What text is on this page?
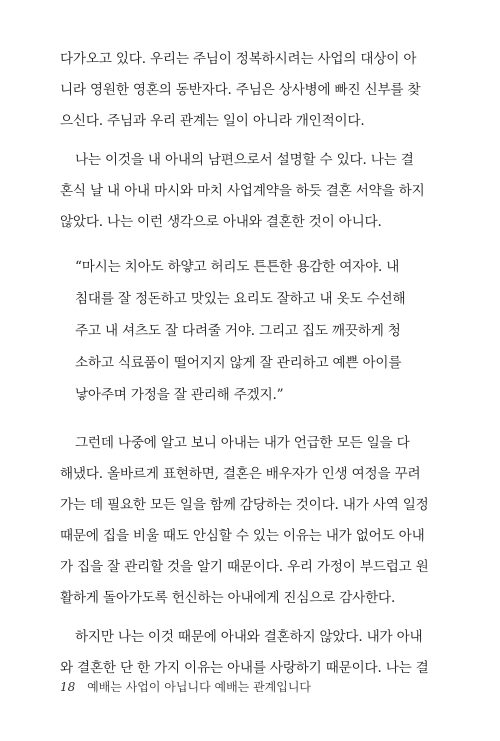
다가오고 있다. 우리는 주님이 정복하시려는 사업의 대상이 아
니라 영원한 영혼의 동반자다. 주님은 상사병에 빠진 신부를 찾
으신다. 주님과 우리 관계는 일이 아니라 개인적이다.

나는 이것을 내 아내의 남편으로서 설명할 수 있다. 나는 결
혼식 날 내 아내 마시와 마치 사업계약을 하듯 결혼 서약을 하지
않았다. 나는 이런 생각으로 아내와 결혼한 것이 아니다.

“마시는 치아도 하얗고 허리도 튼튼한 용감한 여자야. 내
침대를 잘 정돈하고 맛있는 요리도 잘하고 내 옷도 수선해
주고 내 셔츠도 잘 다려줄 거야. 그리고 집도 깨끗하게 청
소하고 식료품이 떨어지지 않게 잘 관리하고 예쁜 아이를
낳아주며 가정을 잘 관리해 주겠지.”

그런데 나중에 알고 보니 아내는 내가 언급한 모든 일을 다
해냈다. 올바르게 표현하면, 결혼은 배우자가 인생 여정을 꾸려
가는 데 필요한 모든 일을 함께 감당하는 것이다. 내가 사역 일정
때문에 집을 비울 때도 안심할 수 있는 이유는 내가 없어도 아내
가 집을 잘 관리할 것을 알기 때문이다. 우리 가정이 부드럽고 원
활하게 돌아가도록 헌신하는 아내에게 진심으로 감사한다.

하지만 나는 이것 때문에 아내와 결혼하지 않았다. 내가 아내
와 결혼한 단 한 가지 이유는 아내를 사랑하기 때문이다. 나는 결

18 예배는 사업이 아닙니다 예배는 관계입니다
